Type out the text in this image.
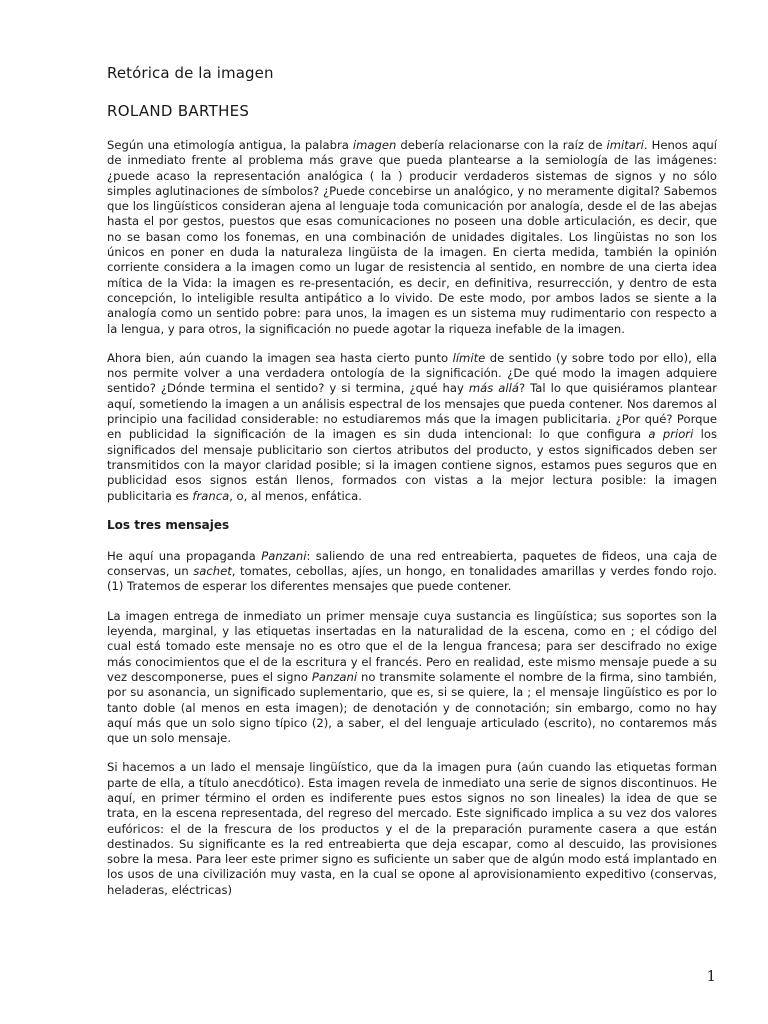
Retórica de la imagen
ROLAND BARTHES

Según una etimología antigua, la palabra imagen debería relacionarse con la raíz de imitari. Henos aquí de inmediato frente al problema más grave que pueda plantearse a la semiología de las imágenes: ¿puede acaso la representación analógica ( la ) producir verdaderos sistemas de signos y no sólo simples aglutinaciones de símbolos? ¿Puede concebirse un analógico, y no meramente digital? Sabemos que los lingüísticos consideran ajena al lenguaje toda comunicación por analogía, desde el de las abejas hasta el por gestos, puestos que esas comunicaciones no poseen una doble articulación, es decir, que no se basan como los fonemas, en una combinación de unidades digitales. Los lingüistas no son los únicos en poner en duda la naturaleza lingüista de la imagen. En cierta medida, también la opinión corriente considera a la imagen como un lugar de resistencia al sentido, en nombre de una cierta idea mítica de la Vida: la imagen es re-presentación, es decir, en definitiva, resurrección, y dentro de esta concepción, lo inteligible resulta antipático a lo vivido. De este modo, por ambos lados se siente a la analogía como un sentido pobre: para unos, la imagen es un sistema muy rudimentario con respecto a la lengua, y para otros, la significación no puede agotar la riqueza inefable de la imagen.

Ahora bien, aún cuando la imagen sea hasta cierto punto límite de sentido (y sobre todo por ello), ella nos permite volver a una verdadera ontología de la significación. ¿De qué modo la imagen adquiere sentido? ¿Dónde termina el sentido? y si termina, ¿qué hay más allá? Tal lo que quisiéramos plantear aquí, sometiendo la imagen a un análisis espectral de los mensajes que pueda contener. Nos daremos al principio una facilidad considerable: no estudiaremos más que la imagen publicitaria. ¿Por qué? Porque en publicidad la significación de la imagen es sin duda intencional: lo que configura a priori los significados del mensaje publicitario son ciertos atributos del producto, y estos significados deben ser transmitidos con la mayor claridad posible; si la imagen contiene signos, estamos pues seguros que en publicidad esos signos están llenos, formados con vistas a la mejor lectura posible: la imagen publicitaria es franca, o, al menos, enfática.

Los tres mensajes

He aquí una propaganda Panzani: saliendo de una red entreabierta, paquetes de fideos, una caja de conservas, un sachet, tomates, cebollas, ajíes, un hongo, en tonalidades amarillas y verdes fondo rojo. (1) Tratemos de esperar los diferentes mensajes que puede contener.

La imagen entrega de inmediato un primer mensaje cuya sustancia es lingüística; sus soportes son la leyenda, marginal, y las etiquetas insertadas en la naturalidad de la escena, como en ; el código del cual está tomado este mensaje no es otro que el de la lengua francesa; para ser descifrado no exige más conocimientos que el de la escritura y el francés. Pero en realidad, este mismo mensaje puede a su vez descomponerse, pues el signo Panzani no transmite solamente el nombre de la firma, sino también, por su asonancia, un significado suplementario, que es, si se quiere, la ; el mensaje lingüístico es por lo tanto doble (al menos en esta imagen); de denotación y de connotación; sin embargo, como no hay aquí más que un solo signo típico (2), a saber, el del lenguaje articulado (escrito), no contaremos más que un solo mensaje.

Si hacemos a un lado el mensaje lingüístico, que da la imagen pura (aún cuando las etiquetas forman parte de ella, a título anecdótico). Esta imagen revela de inmediato una serie de signos discontinuos. He aquí, en primer término el orden es indiferente pues estos signos no son lineales) la idea de que se trata, en la escena representada, del regreso del mercado. Este significado implica a su vez dos valores eufóricos: el de la frescura de los productos y el de la preparación puramente casera a que están destinados. Su significante es la red entreabierta que deja escapar, como al descuido, las provisiones sobre la mesa. Para leer este primer signo es suficiente un saber que de algún modo está implantado en los usos de una civilización muy vasta, en la cual se opone al aprovisionamiento expeditivo (conservas, heladeras, eléctricas)

1
